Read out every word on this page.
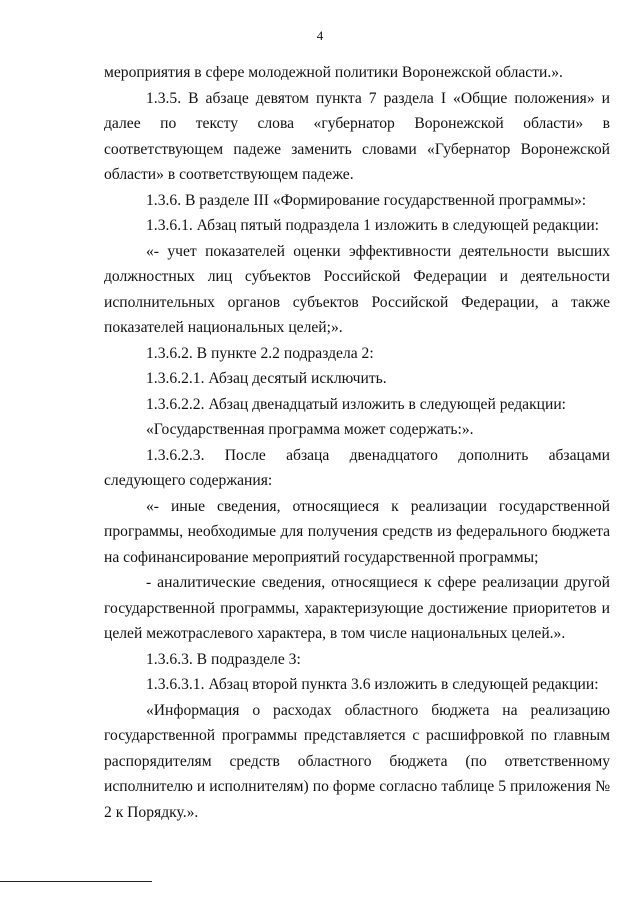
4

мероприятия в сфере молодежной политики Воронежской области.».

1.3.5. В абзаце девятом пункта 7 раздела I «Общие положения» и далее по тексту слова «губернатор Воронежской области» в соответствующем падеже заменить словами «Губернатор Воронежской области» в соответствующем падеже.

1.3.6. В разделе III «Формирование государственной программы»:

1.3.6.1. Абзац пятый подраздела 1 изложить в следующей редакции:

«- учет показателей оценки эффективности деятельности высших должностных лиц субъектов Российской Федерации и деятельности исполнительных органов субъектов Российской Федерации, а также показателей национальных целей;».

1.3.6.2. В пункте 2.2 подраздела 2:

1.3.6.2.1. Абзац десятый исключить.

1.3.6.2.2. Абзац двенадцатый изложить в следующей редакции:

«Государственная программа может содержать:».

1.3.6.2.3. После абзаца двенадцатого дополнить абзацами следующего содержания:

«- иные сведения, относящиеся к реализации государственной программы, необходимые для получения средств из федерального бюджета на софинансирование мероприятий государственной программы;

- аналитические сведения, относящиеся к сфере реализации другой государственной программы, характеризующие достижение приоритетов и целей межотраслевого характера, в том числе национальных целей.».

1.3.6.3. В подразделе 3:

1.3.6.3.1. Абзац второй пункта 3.6 изложить в следующей редакции:

«Информация о расходах областного бюджета на реализацию государственной программы представляется с расшифровкой по главным распорядителям средств областного бюджета (по ответственному исполнителю и исполнителям) по форме согласно таблице 5 приложения № 2 к Порядку.».
